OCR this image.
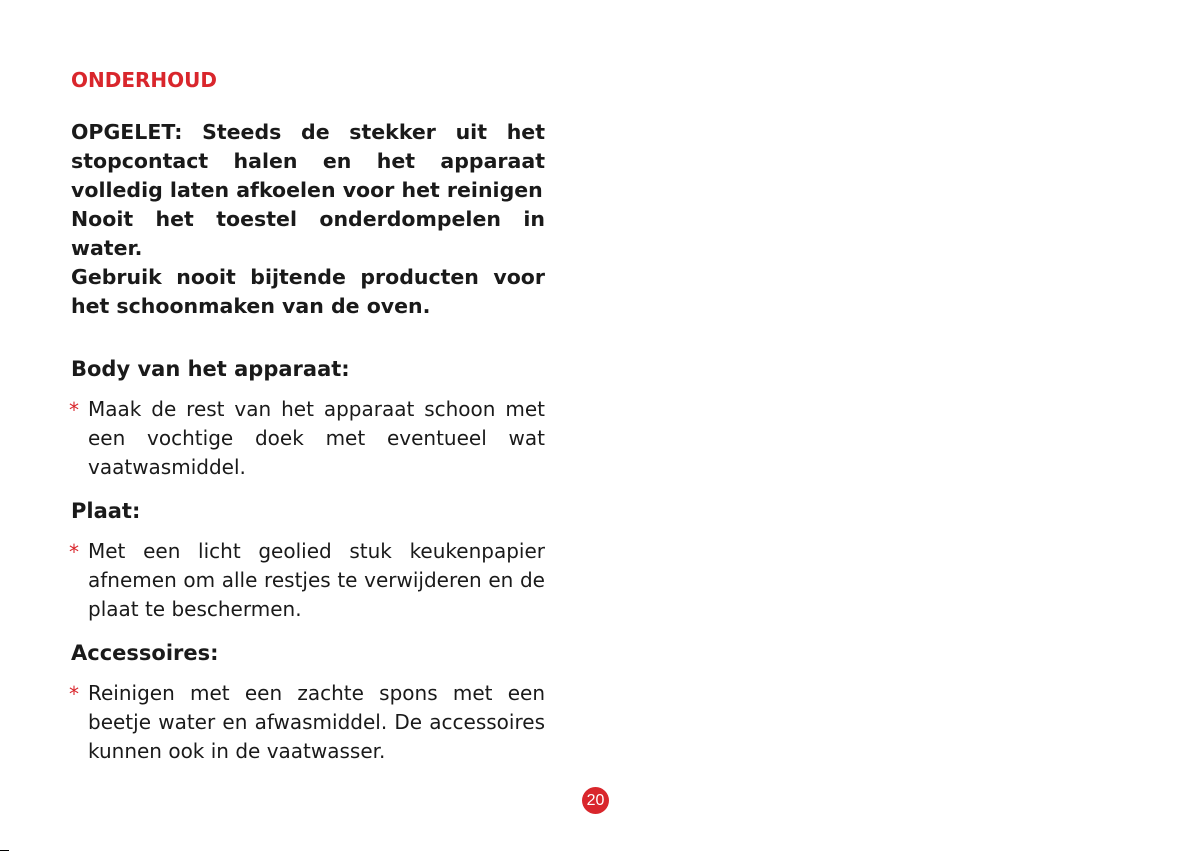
ONDERHOUD
OPGELET: Steeds de stekker uit het stopcontact halen en het apparaat volledig laten afkoelen voor het reinigen
Nooit het toestel onderdompelen in water.
Gebruik nooit bijtende producten voor het schoonmaken van de oven.
Body van het apparaat:
* Maak de rest van het apparaat schoon met een vochtige doek met eventueel wat vaatwasmiddel.
Plaat:
* Met een licht geolied stuk keukenpapier afnemen om alle restjes te verwijderen en de plaat te beschermen.
Accessoires:
* Reinigen met een zachte spons met een beetje water en afwasmiddel. De accessoires kunnen ook in de vaatwasser.
20
